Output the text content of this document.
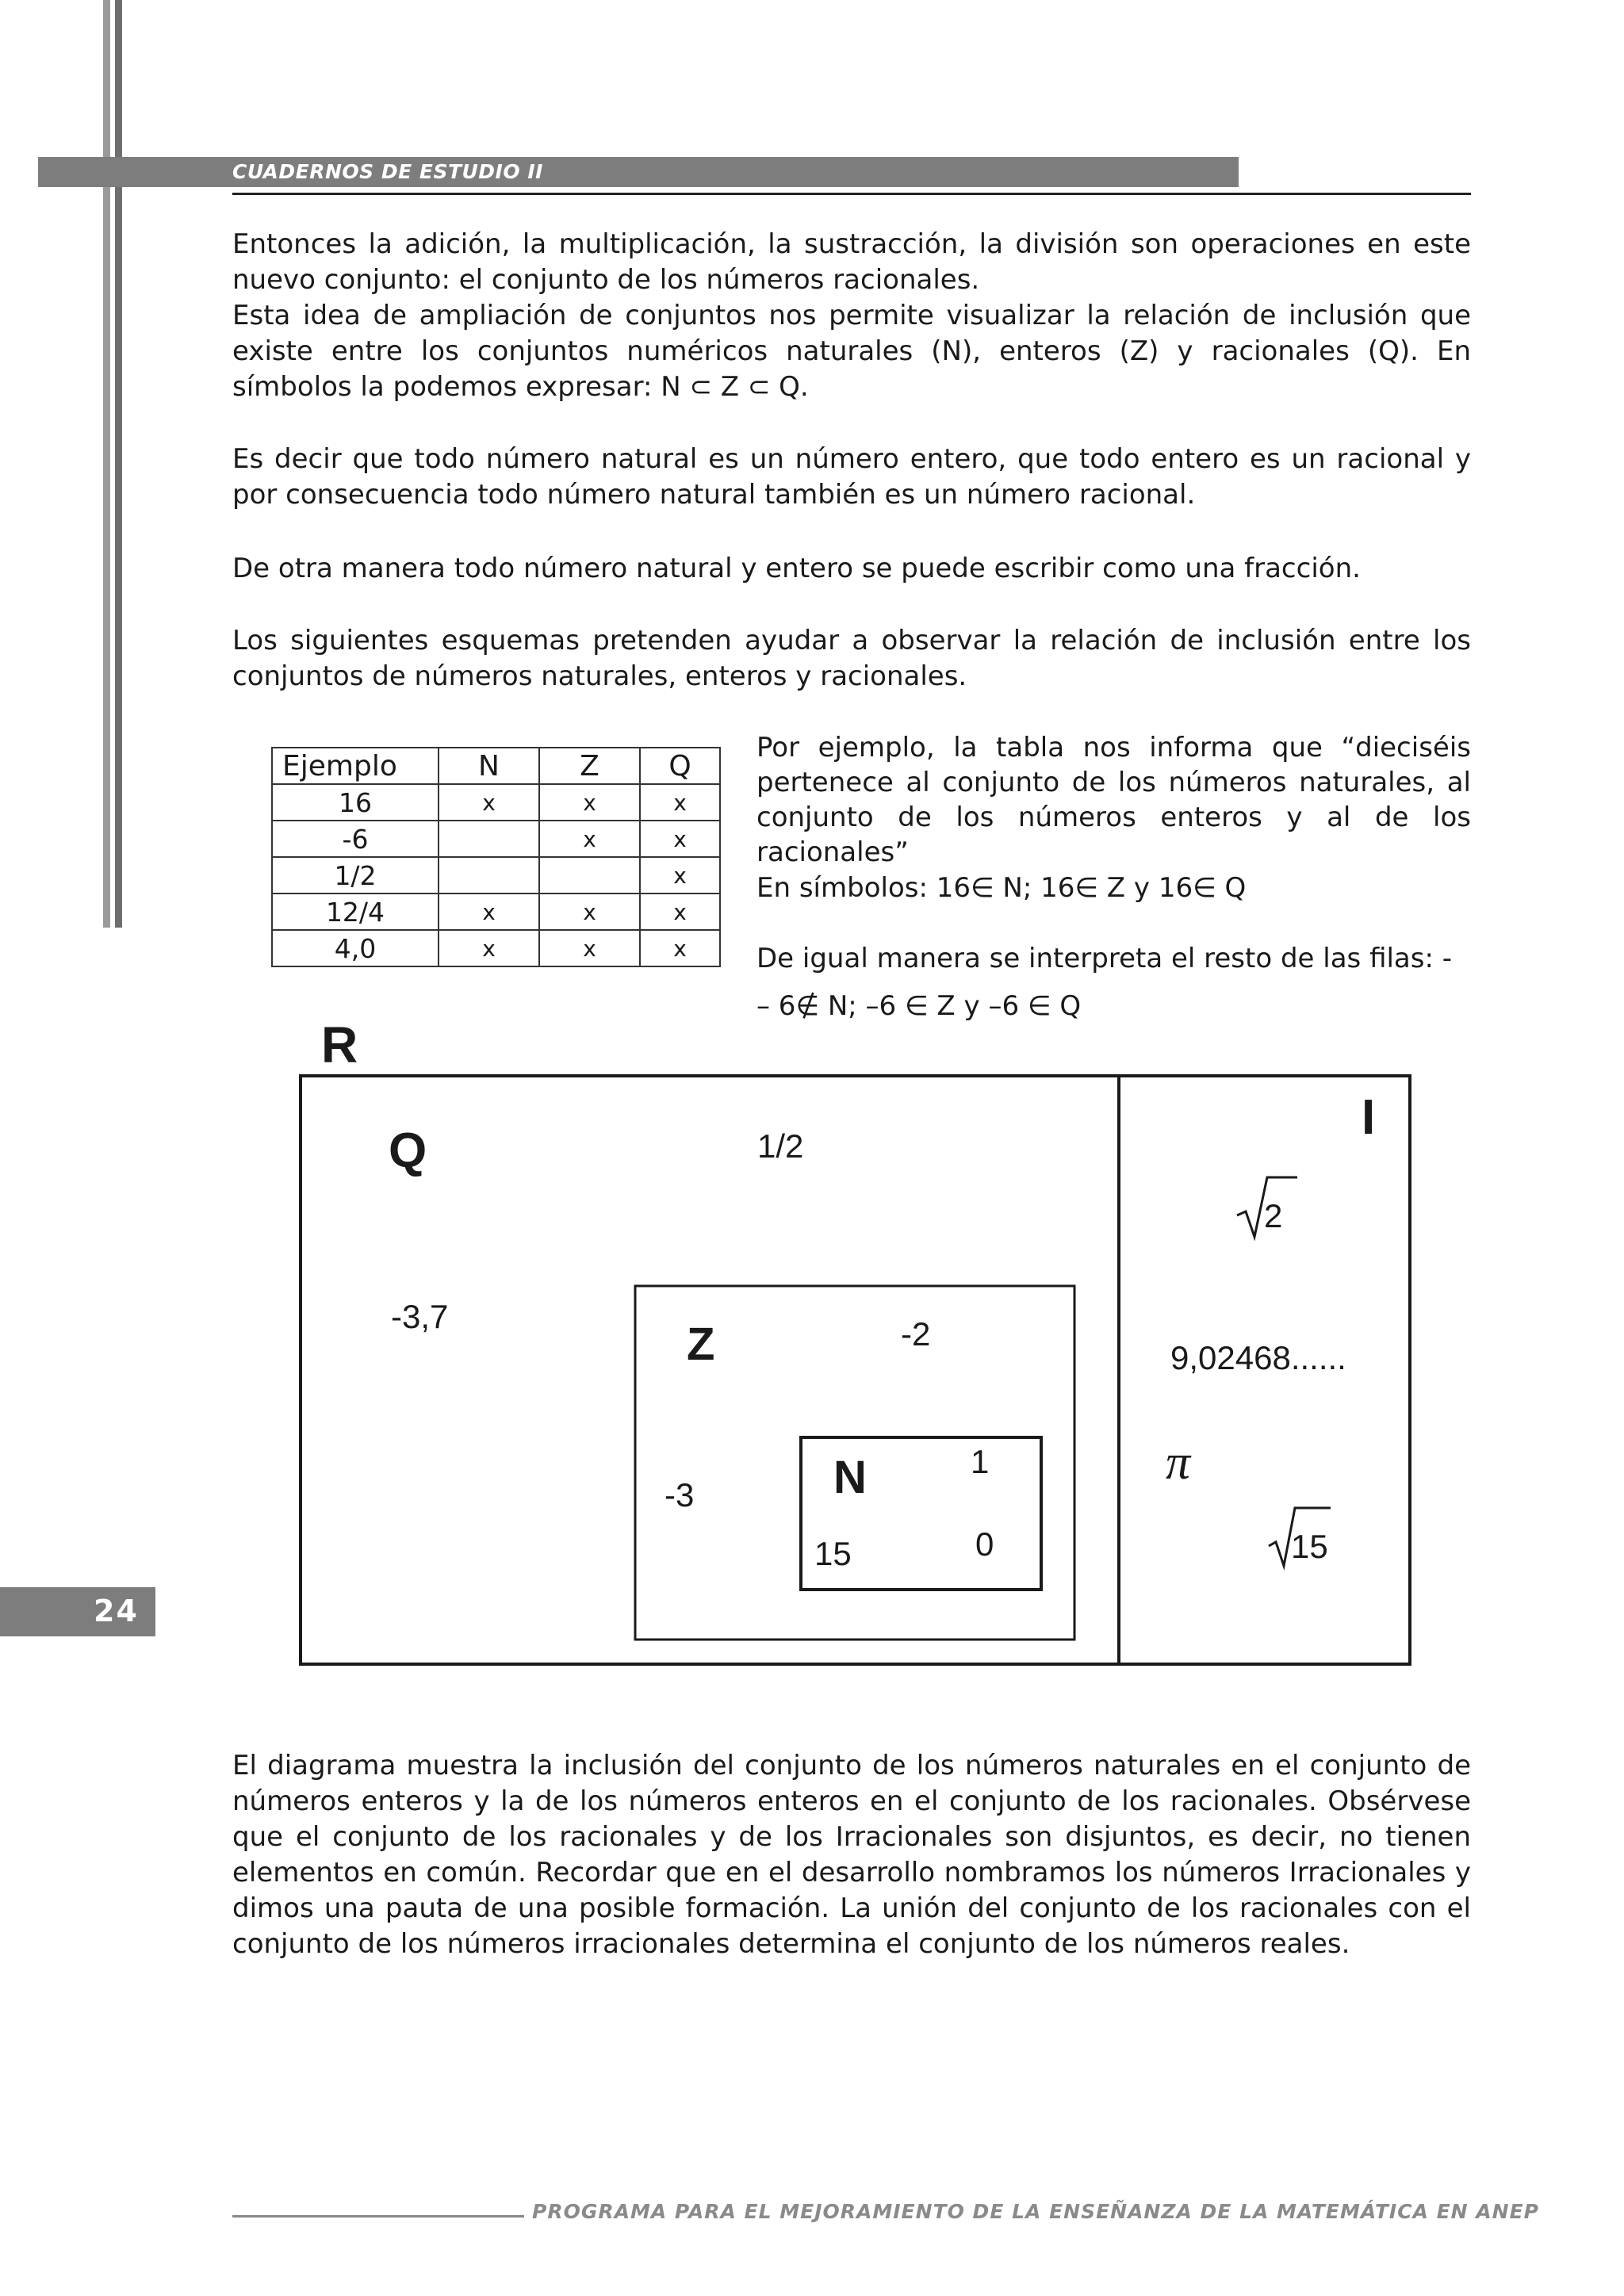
CUADERNOS DE ESTUDIO II

Entonces la adición, la multiplicación, la sustracción, la división son operaciones en este nuevo conjunto: el conjunto de los números racionales.

Esta idea de ampliación de conjuntos nos permite visualizar la relación de inclusión que existe entre los conjuntos numéricos naturales (N), enteros (Z) y racionales (Q). En símbolos la podemos expresar: N ⊂ Z ⊂ Q.

Es decir que todo número natural es un número entero, que todo entero es un racional y por consecuencia todo número natural también es un número racional.

De otra manera todo número natural y entero se puede escribir como una fracción.

Los siguientes esquemas pretenden ayudar a observar la relación de inclusión entre los conjuntos de números naturales, enteros y racionales.

Ejemplo	N	Z	Q
16	x	x	x
-6		x	x
1/2			x
12/4	x	x	x
4,0	x	x	x

Por ejemplo, la tabla nos informa que “dieciséis pertenece al conjunto de los números naturales, al conjunto de los números enteros y al de los racionales”

En símbolos: 16∈ N; 16∈ Z y 16∈ Q

De igual manera se interpreta el resto de las filas: -

– 6∉ N; –6 ∈ Z y –6 ∈ Q

R
Q
Z
N
I
1/2
-3,7	-2
-3
1
0
15
2
9,02468......
π
15

El diagrama muestra la inclusión del conjunto de los números naturales en el conjunto de números enteros y la de los números enteros en el conjunto de los racionales. Obsérvese que el conjunto de los racionales y de los Irracionales son disjuntos, es decir, no tienen elementos en común. Recordar que en el desarrollo nombramos los números Irracionales y dimos una pauta de una posible formación. La unión del conjunto de los racionales con el conjunto de los números irracionales determina el conjunto de los números reales.

24
PROGRAMA PARA EL MEJORAMIENTO DE LA ENSEÑANZA DE LA MATEMÁTICA EN ANEP
